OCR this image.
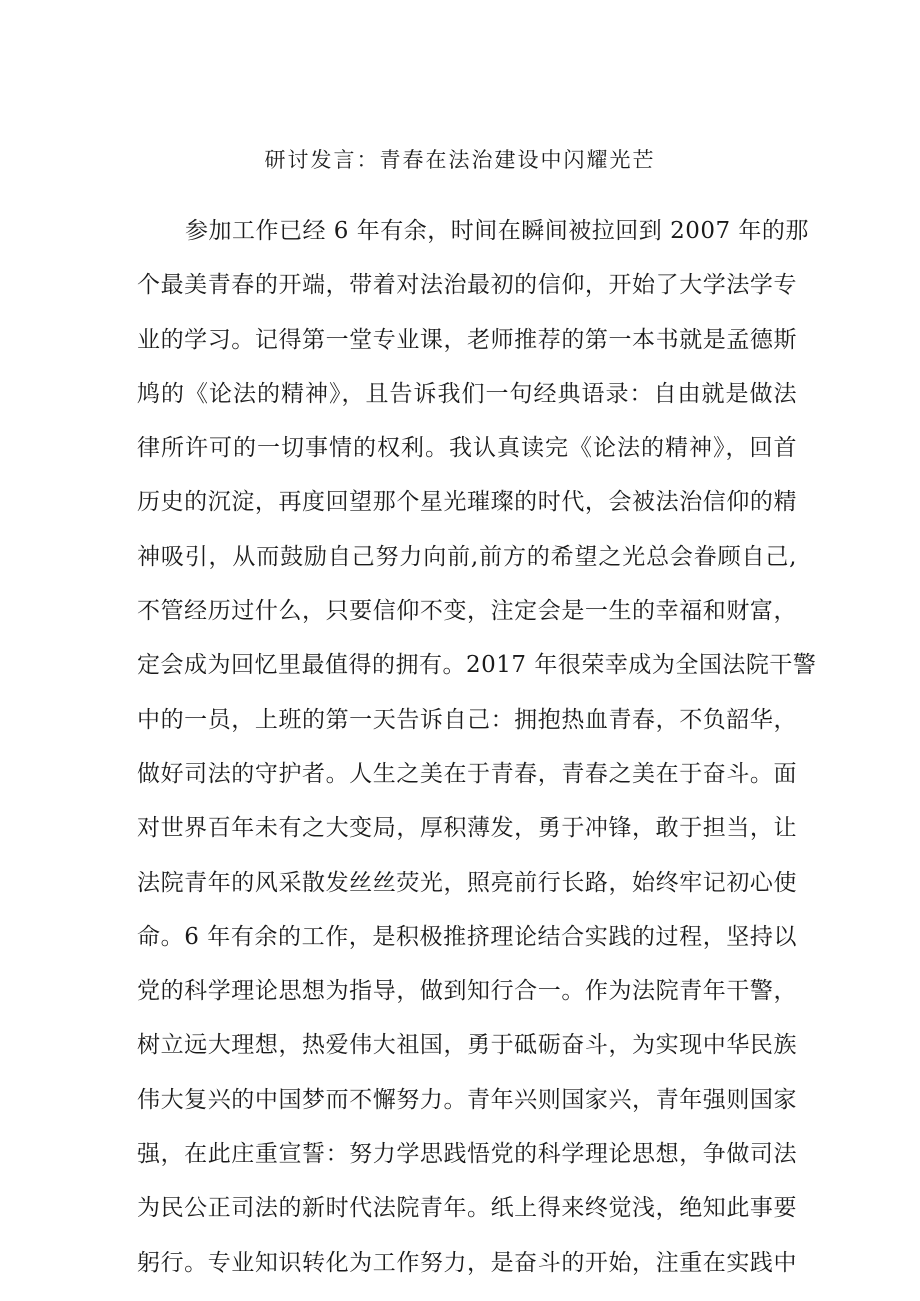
研讨发言：青春在法治建设中闪耀光芒
参加工作已经 6 年有余，时间在瞬间被拉回到 2007 年的那
个最美青春的开端，带着对法治最初的信仰，开始了大学法学专
业的学习。记得第一堂专业课，老师推荐的第一本书就是孟德斯
鸠的《论法的精神》，且告诉我们一句经典语录：自由就是做法
律所许可的一切事情的权利。我认真读完《论法的精神》，回首
历史的沉淀，再度回望那个星光璀璨的时代，会被法治信仰的精
神吸引，从而鼓励自己努力向前,前方的希望之光总会眷顾自己,
不管经历过什么，只要信仰不变，注定会是一生的幸福和财富，
定会成为回忆里最值得的拥有。2017 年很荣幸成为全国法院干警
中的一员，上班的第一天告诉自己：拥抱热血青春，不负韶华，
做好司法的守护者。人生之美在于青春，青春之美在于奋斗。面
对世界百年未有之大变局，厚积薄发，勇于冲锋，敢于担当，让
法院青年的风采散发丝丝荧光，照亮前行长路，始终牢记初心使
命。6 年有余的工作，是积极推挤理论结合实践的过程，坚持以
党的科学理论思想为指导，做到知行合一。作为法院青年干警，
树立远大理想，热爱伟大祖国，勇于砥砺奋斗，为实现中华民族
伟大复兴的中国梦而不懈努力。青年兴则国家兴，青年强则国家
强，在此庄重宣誓：努力学思践悟党的科学理论思想，争做司法
为民公正司法的新时代法院青年。纸上得来终觉浅，绝知此事要
躬行。专业知识转化为工作努力，是奋斗的开始，注重在实践中
